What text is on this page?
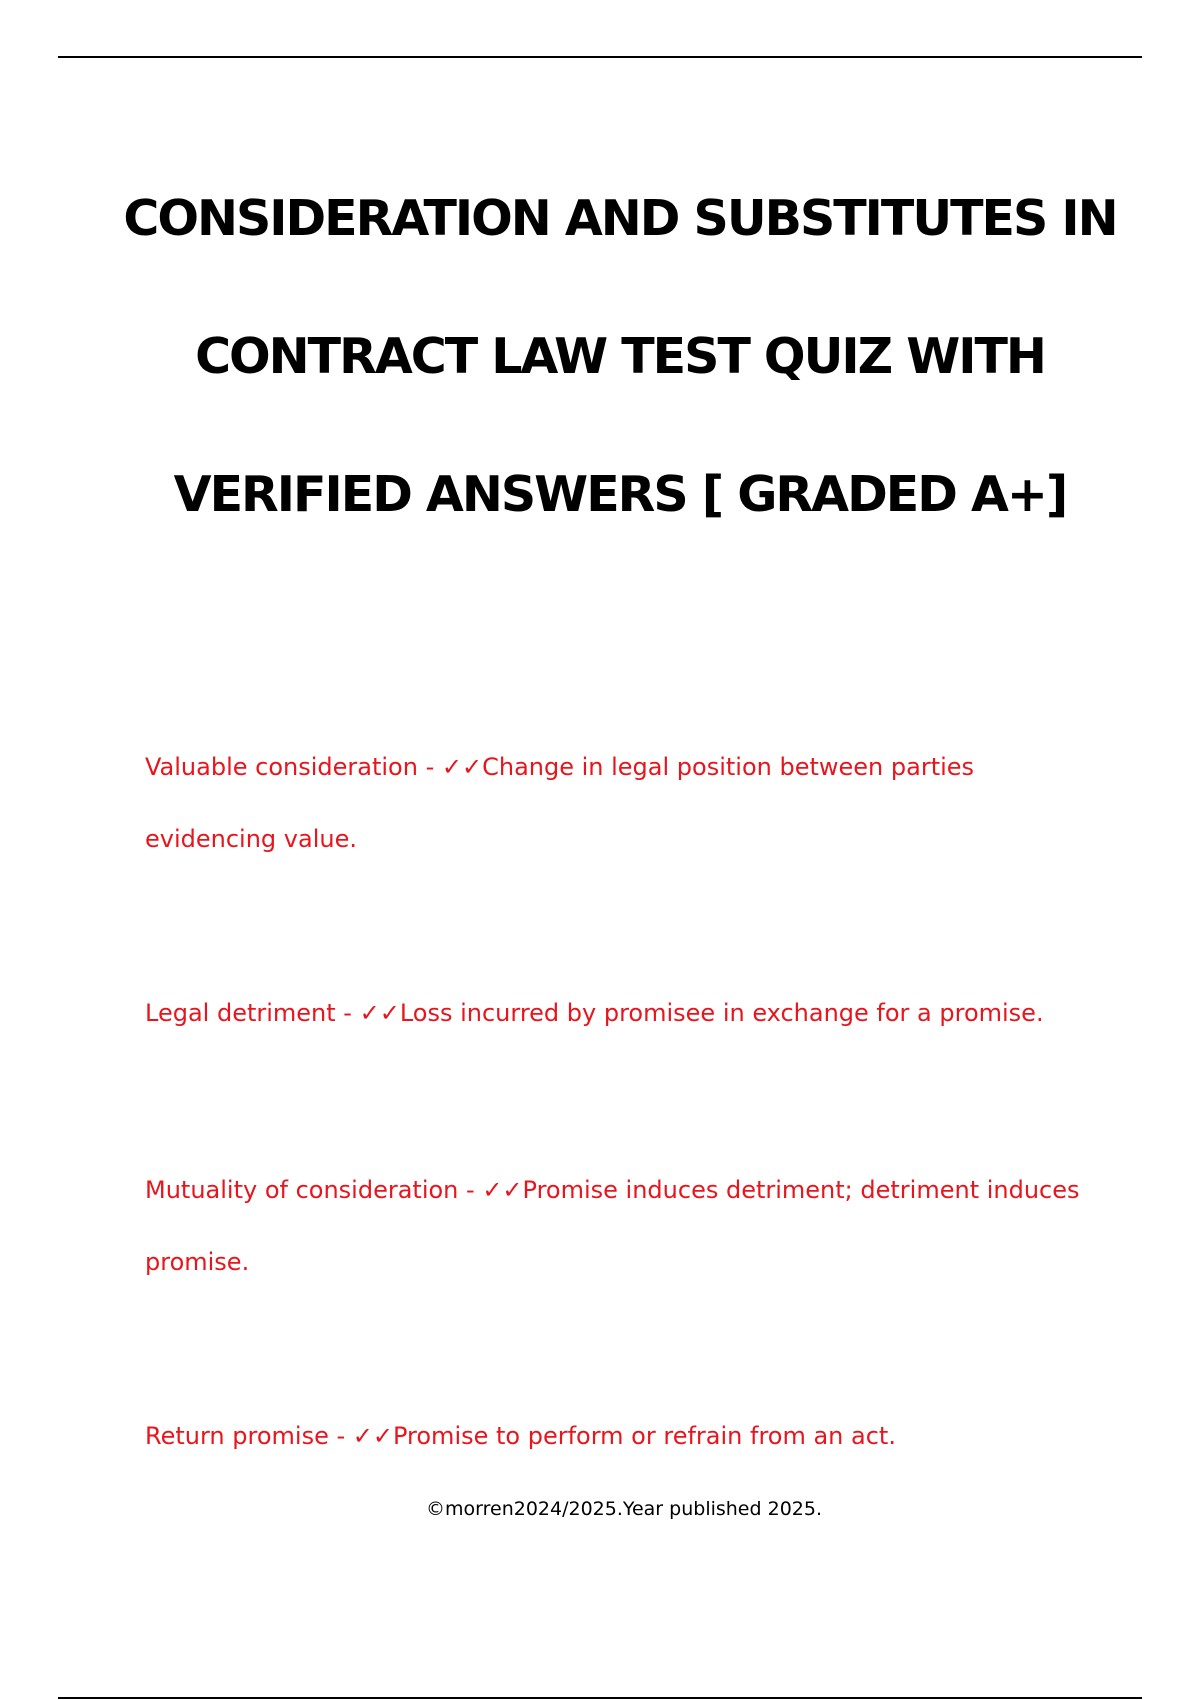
CONSIDERATION AND SUBSTITUTES IN
CONTRACT LAW TEST QUIZ WITH
VERIFIED ANSWERS [ GRADED A+]

Valuable consideration - ✓✓Change in legal position between parties evidencing value.

Legal detriment - ✓✓Loss incurred by promisee in exchange for a promise.

Mutuality of consideration - ✓✓Promise induces detriment; detriment induces promise.

Return promise - ✓✓Promise to perform or refrain from an act.

©morren2024/2025.Year published 2025.
